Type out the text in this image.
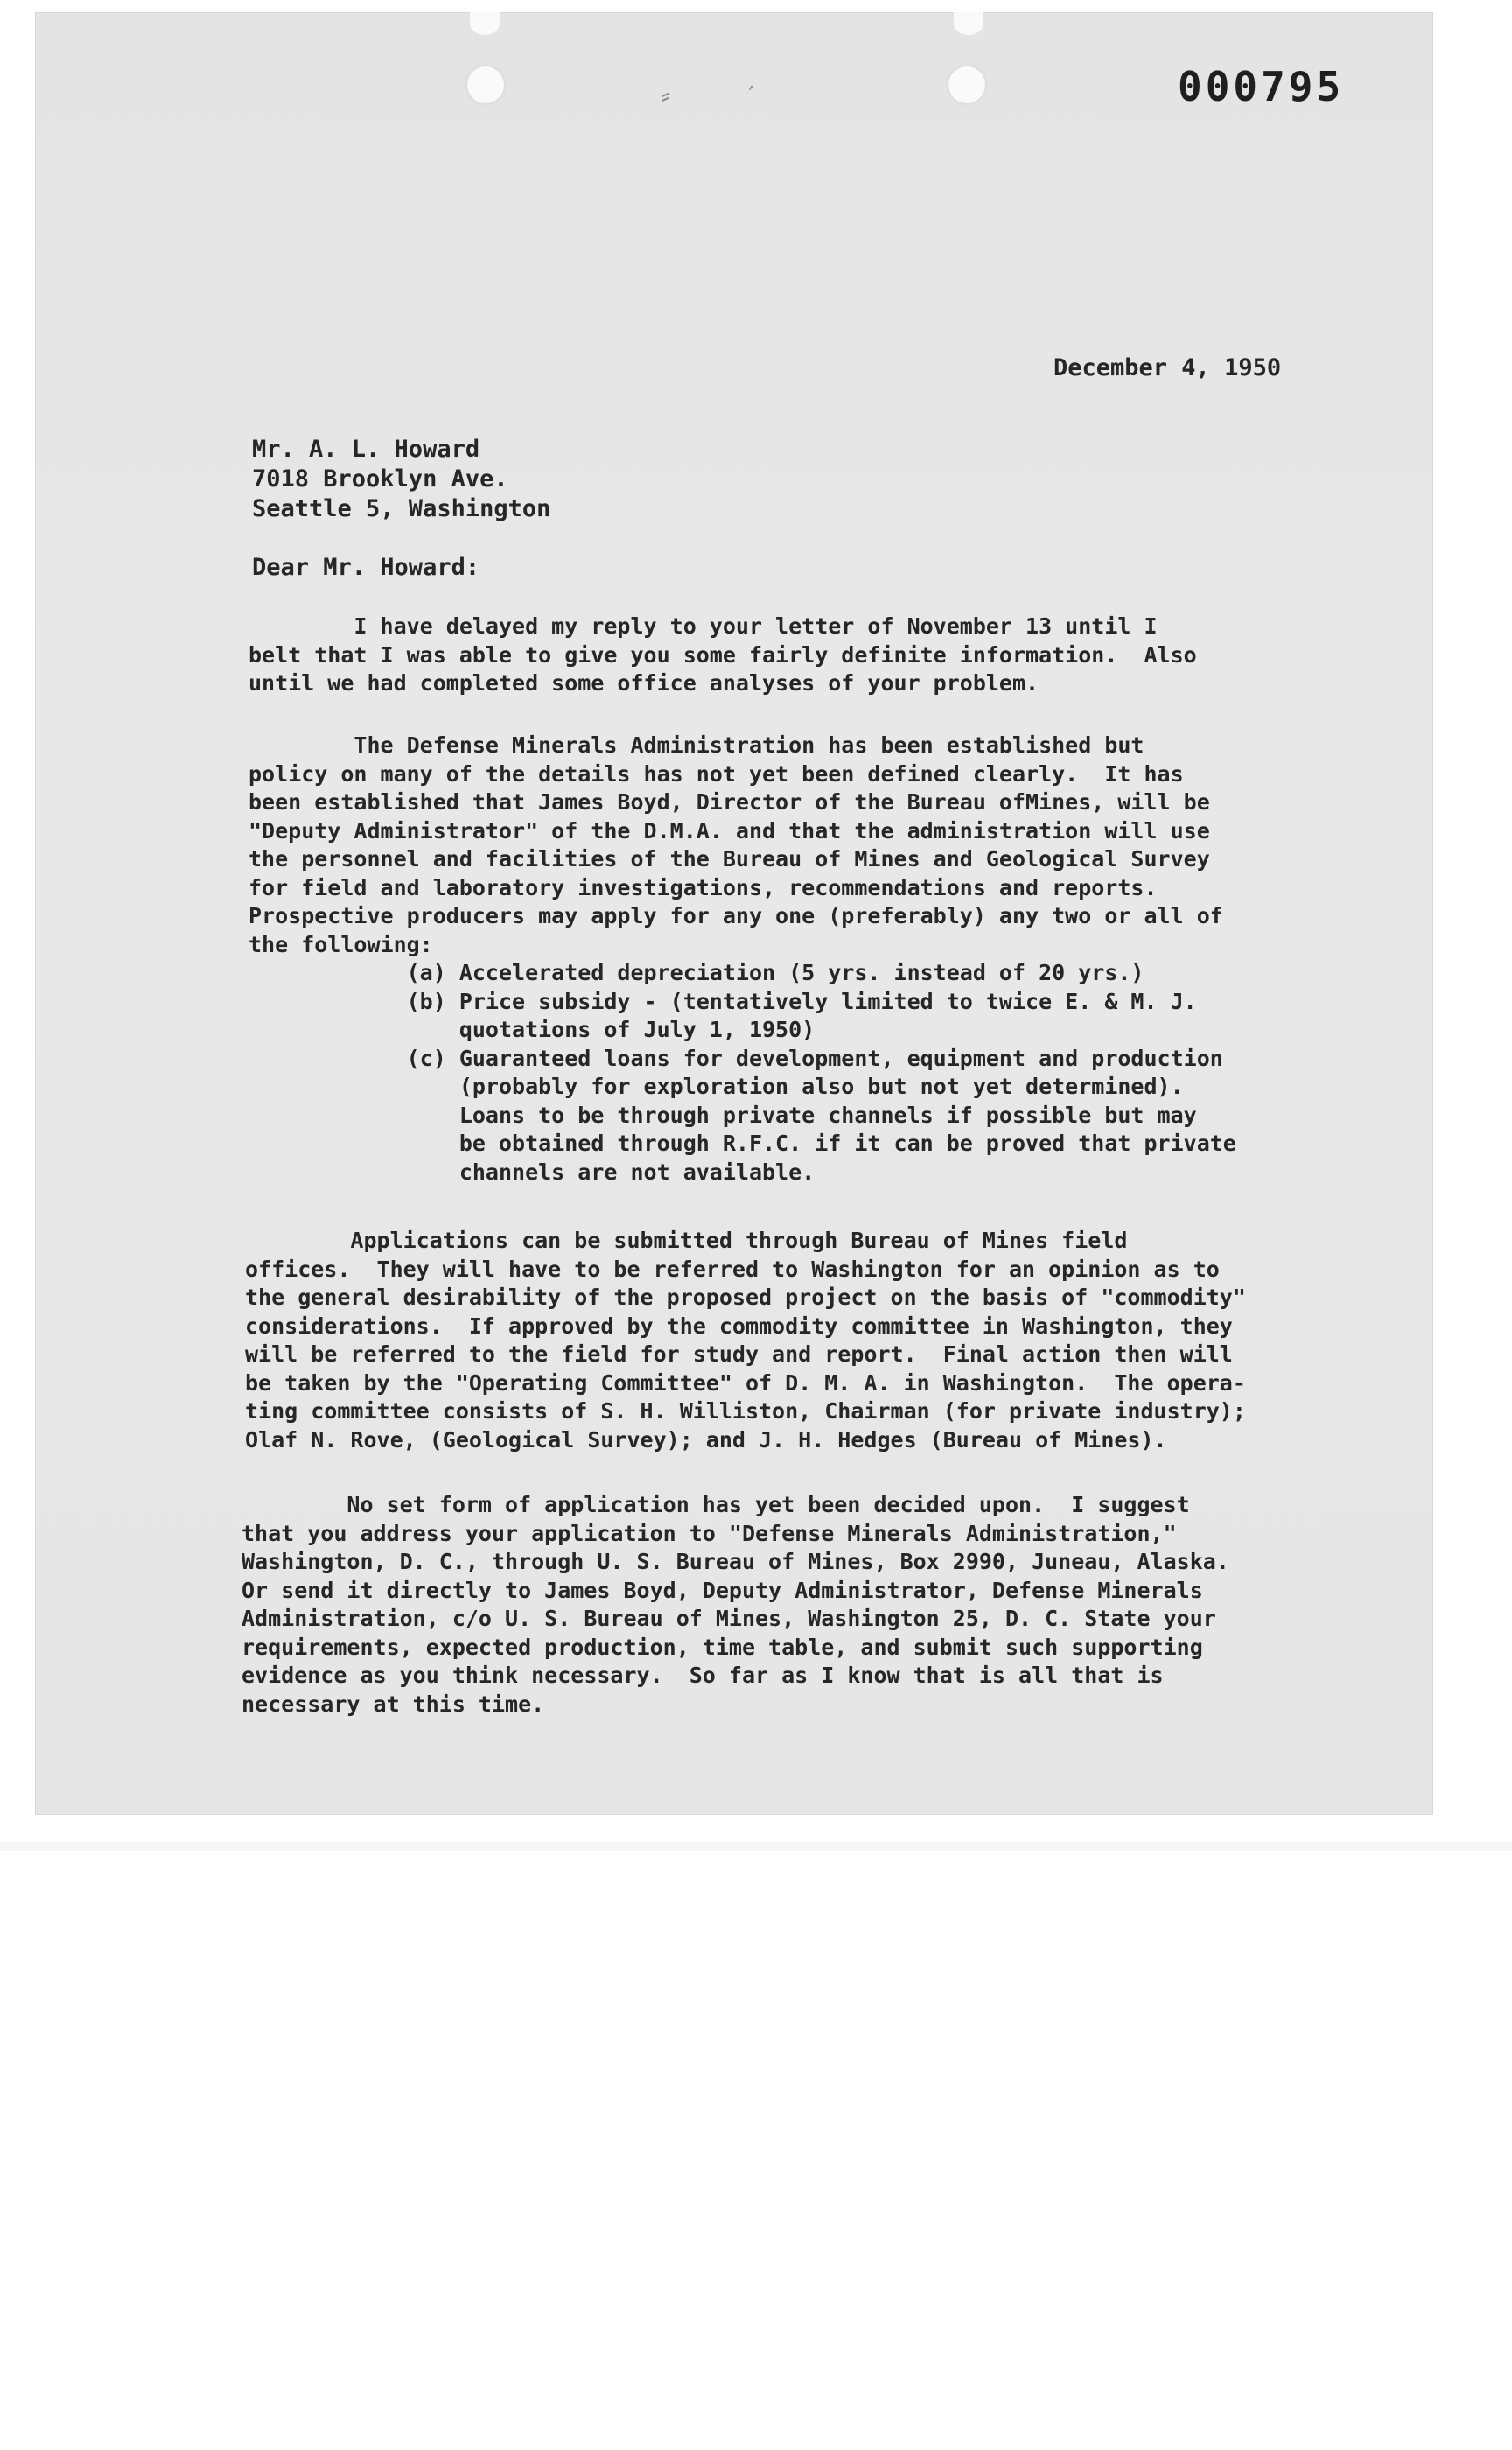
⸗	′	000795
December 4, 1950
Mr. A. L. Howard
7018 Brooklyn Ave.
Seattle 5, Washington
Dear Mr. Howard:
I have delayed my reply to your letter of November 13 until I
belt that I was able to give you some fairly definite information.  Also
until we had completed some office analyses of your problem.
The Defense Minerals Administration has been established but
policy on many of the details has not yet been defined clearly.  It has
been established that James Boyd, Director of the Bureau ofMines, will be
"Deputy Administrator" of the D.M.A. and that the administration will use
the personnel and facilities of the Bureau of Mines and Geological Survey
for field and laboratory investigations, recommendations and reports.
Prospective producers may apply for any one (preferably) any two or all of
the following:
(a) Accelerated depreciation (5 yrs. instead of 20 yrs.)
(b) Price subsidy - (tentatively limited to twice E. & M. J.
quotations of July 1, 1950)
(c) Guaranteed loans for development, equipment and production
(probably for exploration also but not yet determined).
Loans to be through private channels if possible but may
be obtained through R.F.C. if it can be proved that private
channels are not available.
Applications can be submitted through Bureau of Mines field
offices.  They will have to be referred to Washington for an opinion as to
the general desirability of the proposed project on the basis of "commodity"
considerations.  If approved by the commodity committee in Washington, they
will be referred to the field for study and report.  Final action then will
be taken by the "Operating Committee" of D. M. A. in Washington.  The opera-
ting committee consists of S. H. Williston, Chairman (for private industry);
Olaf N. Rove, (Geological Survey); and J. H. Hedges (Bureau of Mines).
No set form of application has yet been decided upon.  I suggest
that you address your application to "Defense Minerals Administration,"
Washington, D. C., through U. S. Bureau of Mines, Box 2990, Juneau, Alaska.
Or send it directly to James Boyd, Deputy Administrator, Defense Minerals
Administration, c/o U. S. Bureau of Mines, Washington 25, D. C. State your
requirements, expected production, time table, and submit such supporting
evidence as you think necessary.  So far as I know that is all that is
necessary at this time.
